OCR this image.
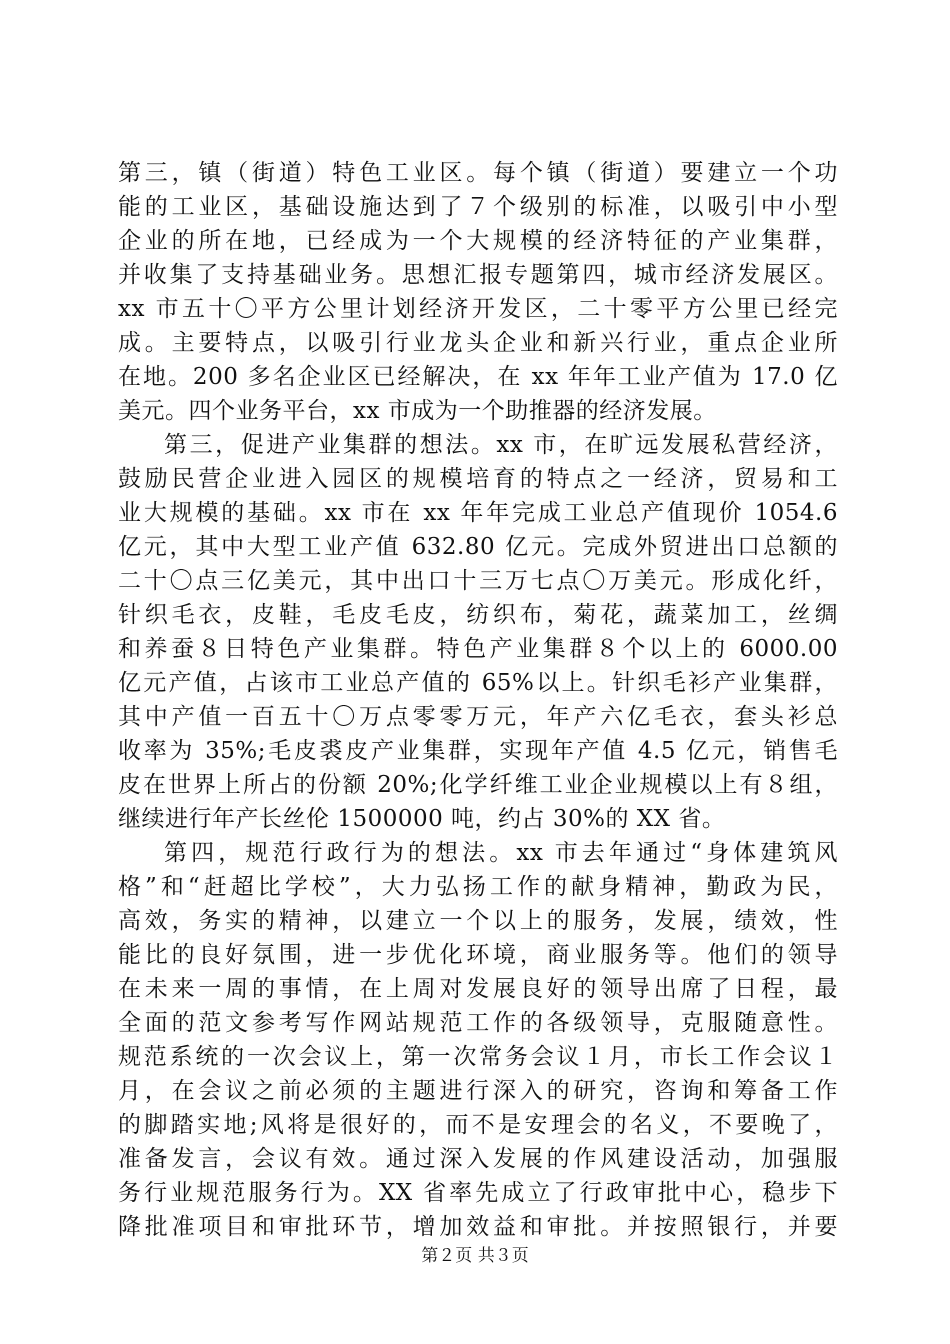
第三，镇（街道）特色工业区。每个镇（街道）要建立一个功
能的工业区，基础设施达到了７个级别的标准，以吸引中小型
企业的所在地，已经成为一个大规模的经济特征的产业集群，
并收集了支持基础业务。思想汇报专题第四，城市经济发展区。
xx 市五十〇平方公里计划经济开发区，二十零平方公里已经完
成。主要特点，以吸引行业龙头企业和新兴行业，重点企业所
在地。200 多名企业区已经解决，在 xx 年年工业产值为 17.0 亿
美元。四个业务平台，xx 市成为一个助推器的经济发展。
第三，促进产业集群的想法。xx 市，在旷远发展私营经济，
鼓励民营企业进入园区的规模培育的特点之一经济，贸易和工
业大规模的基础。xx 市在 xx 年年完成工业总产值现价 1054.6
亿元，其中大型工业产值 632.80 亿元。完成外贸进出口总额的
二十〇点三亿美元，其中出口十三万七点〇万美元。形成化纤，
针织毛衣，皮鞋，毛皮毛皮，纺织布，菊花，蔬菜加工，丝绸
和养蚕８日特色产业集群。特色产业集群８个以上的 6000.00
亿元产值，占该市工业总产值的 65%以上。针织毛衫产业集群，
其中产值一百五十〇万点零零万元，年产六亿毛衣，套头衫总
收率为 35%;毛皮裘皮产业集群，实现年产值 4.5 亿元，销售毛
皮在世界上所占的份额 20%;化学纤维工业企业规模以上有８组，
继续进行年产长丝伦 1500000 吨，约占 30%的 XX 省。
第四，规范行政行为的想法。xx 市去年通过“身体建筑风
格”和“赶超比学校”，大力弘扬工作的献身精神，勤政为民，
高效，务实的精神，以建立一个以上的服务，发展，绩效，性
能比的良好氛围，进一步优化环境，商业服务等。他们的领导
在未来一周的事情，在上周对发展良好的领导出席了日程，最
全面的范文参考写作网站规范工作的各级领导，克服随意性。
规范系统的一次会议上，第一次常务会议１月，市长工作会议１
月，在会议之前必须的主题进行深入的研究，咨询和筹备工作
的脚踏实地;风将是很好的，而不是安理会的名义，不要晚了，
准备发言，会议有效。通过深入发展的作风建设活动，加强服
务行业规范服务行为。XX 省率先成立了行政审批中心，稳步下
降批准项目和审批环节，增加效益和审批。并按照银行，并要
第２页 共３页
